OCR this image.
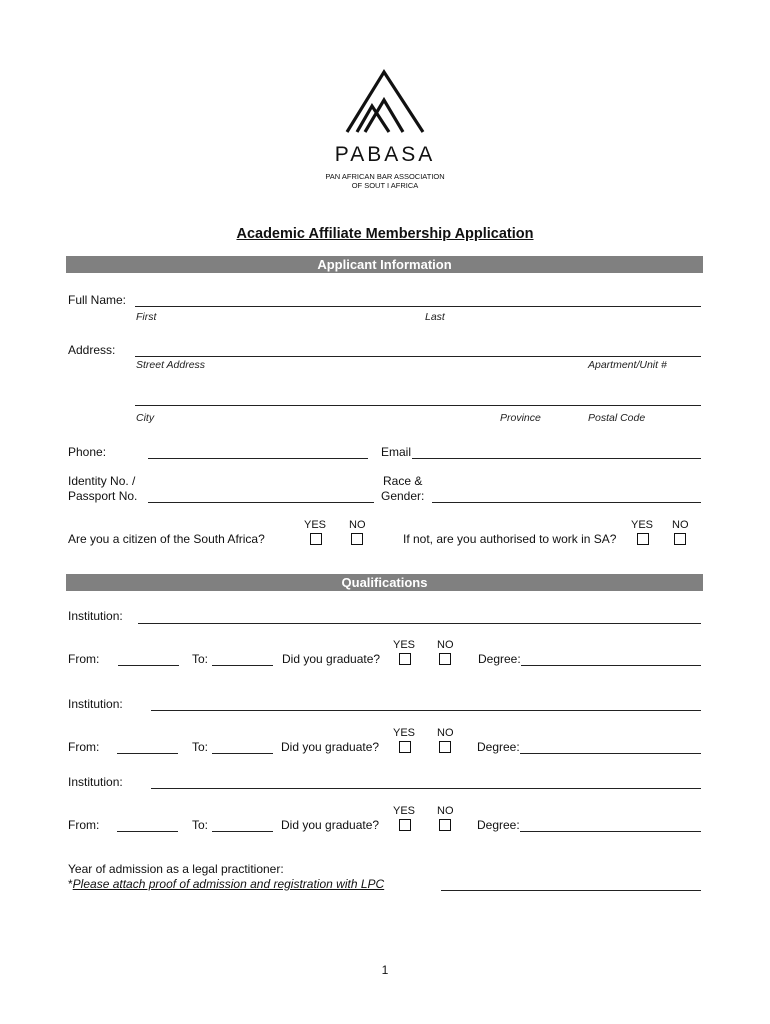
PABASA
PAN AFRICAN BAR ASSOCIATION
OF SOUT I AFRICA
Academic Affiliate Membership Application
Applicant Information
Full Name:
First	Last
Address:
Street Address	Apartment/Unit #
City	Province	Postal Code
Phone:	Email
Identity No. /
Passport No.
Race &
Gender:
YES NO
Are you a citizen of the South Africa?
YES NO
If not, are you authorised to work in SA?
Qualifications
Institution:
YES NO
From:	To:	Did you graduate?	Degree:
Institution:
YES NO
From:	To:	Did you graduate?	Degree:
Institution:
YES NO
From:	To:	Did you graduate?	Degree:
Year of admission as a legal practitioner:
*Please attach proof of admission and registration with LPC
1
